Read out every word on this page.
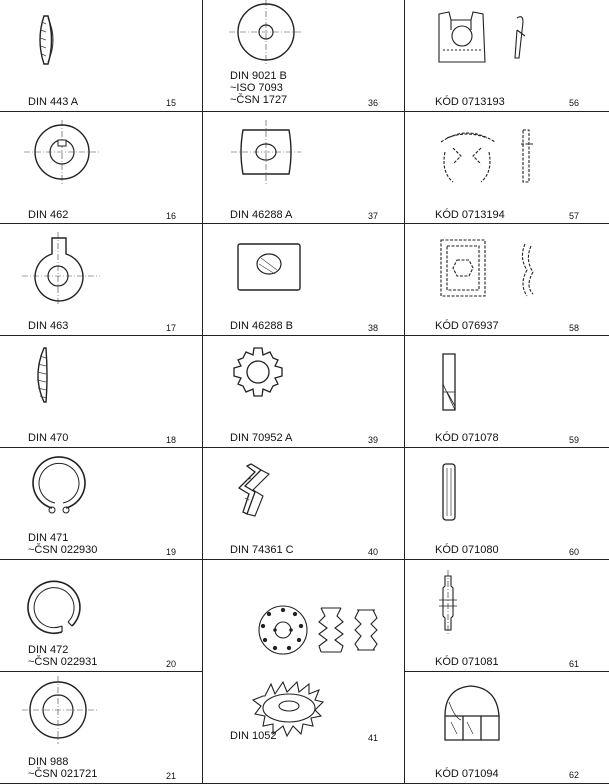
DIN 443 A	15
DIN 462	16
DIN 463	17
DIN 470	18
DIN 471
~ČSN 022930	19
DIN 472
~ČSN 022931	20
DIN 988
~ČSN 021721	21
DIN 9021 B
~ISO 7093
~ČSN 1727	36
DIN 46288 A	37
DIN 46288 B	38
DIN 70952 A	39
DIN 74361 C	40
DIN 1052	41
KÓD 0713193	56
KÓD 0713194	57
KÓD 076937	58
KÓD 071078	59
KÓD 071080	60
KÓD 071081	61
KÓD 071094	62
